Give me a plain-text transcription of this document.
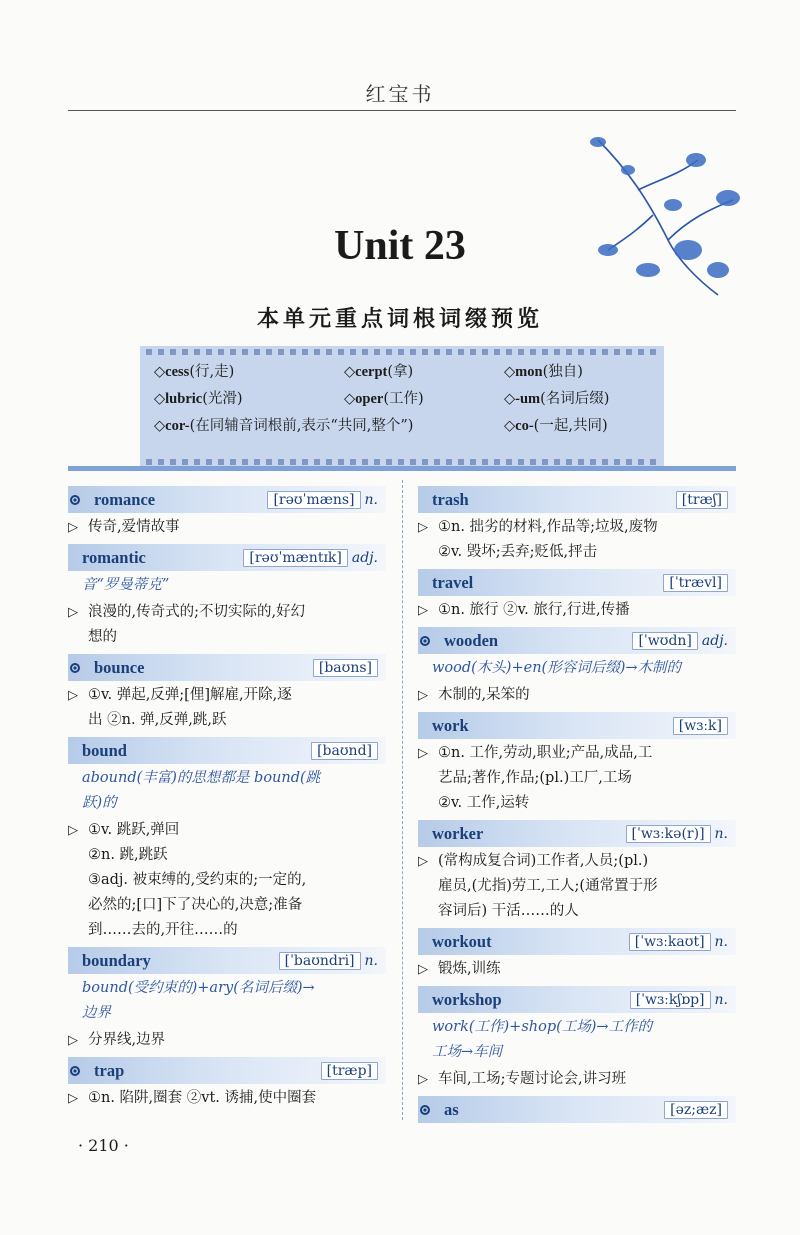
红宝书
Unit 23
本单元重点词根词缀预览
◇cess(行,走)	◇cerpt(拿)	◇mon(独自)
◇lubric(光滑)	◇oper(工作)	◇-um(名词后缀)
◇cor-(在同辅音词根前,表示“共同,整个”)	◇co-(一起,共同)
romance	[rəʊˈmæns] n.
▷ 传奇,爱情故事
romantic	[rəʊˈmæntɪk] adj.
音“罗曼蒂克”
▷ 浪漫的,传奇式的;不切实际的,好幻
想的
bounce	[baʊns]
▷ ①v. 弹起,反弹;[俚]解雇,开除,逐
出 ②n. 弹,反弹,跳,跃
bound	[baʊnd]
abound(丰富)的思想都是 bound(跳
跃)的
▷ ①v. 跳跃,弹回
②n. 跳,跳跃
③adj. 被束缚的,受约束的;一定的,
必然的;[口]下了决心的,决意;准备
到……去的,开往……的
boundary	[ˈbaʊndri] n.
bound(受约束的)+ary(名词后缀)→
边界
▷ 分界线,边界
trap	[træp]
▷ ①n. 陷阱,圈套 ②vt. 诱捕,使中圈套
trash	[træʃ]
▷ ①n. 拙劣的材料,作品等;垃圾,废物
②v. 毁坏;丢弃;贬低,抨击
travel	[ˈtrævl]
▷ ①n. 旅行 ②v. 旅行,行进,传播
wooden	[ˈwʊdn] adj.
wood(木头)+en(形容词后缀)→木制的
▷ 木制的,呆笨的
work	[wɜːk]
▷ ①n. 工作,劳动,职业;产品,成品,工
艺品;著作,作品;(pl.)工厂,工场
②v. 工作,运转
worker	[ˈwɜːkə(r)] n.
▷ (常构成复合词)工作者,人员;(pl.)
雇员,(尤指)劳工,工人;(通常置于形
容词后) 干活……的人
workout	[ˈwɜːkaʊt] n.
▷ 锻炼,训练
workshop	[ˈwɜːkʃɒp] n.
work(工作)+shop(工场)→工作的
工场→车间
▷ 车间,工场;专题讨论会,讲习班
as	[əz;æz]
· 210 ·
